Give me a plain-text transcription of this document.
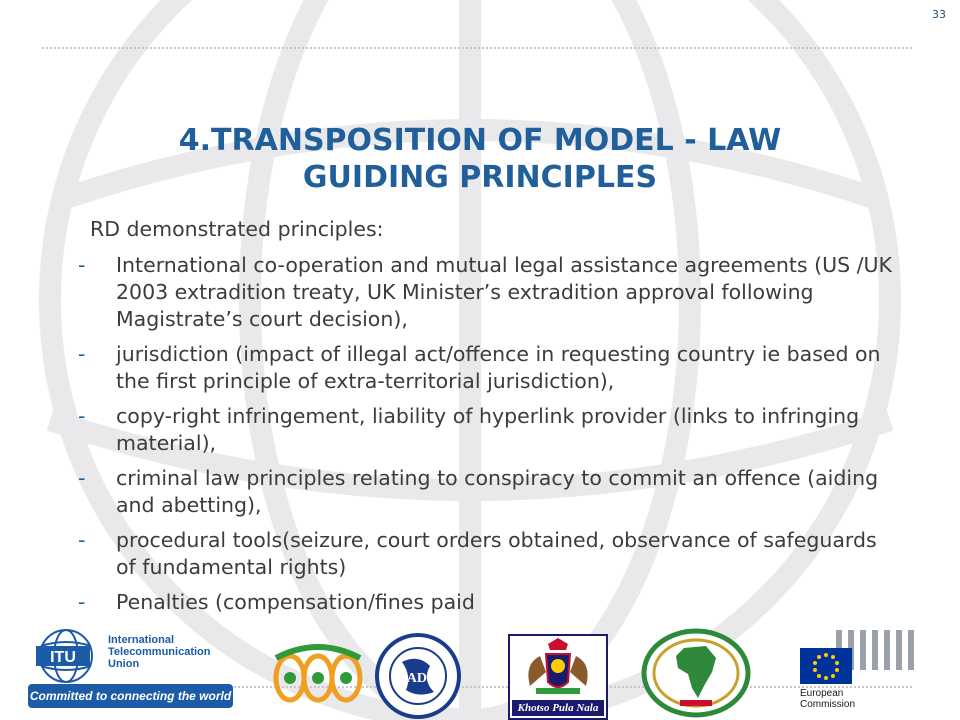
33
4.TRANSPOSITION OF MODEL - LAW
GUIDING PRINCIPLES
RD demonstrated principles:
- International co-operation and mutual legal assistance agreements (US /UK 2003 extradition treaty, UK Minister’s extradition approval following Magistrate’s court decision),
- jurisdiction (impact of illegal act/offence in requesting country ie based on the first principle of extra-territorial jurisdiction),
- copy-right infringement, liability of hyperlink provider (links to infringing material),
- criminal law principles relating to conspiracy to commit an offence (aiding and abetting),
- procedural tools(seizure, court orders obtained, observance of safeguards of fundamental rights)
- Penalties (compensation/fines paid
ITU
International Telecommunication Union
Committed to connecting the world
SADC
Khotso Pula Nala
European
Commission
